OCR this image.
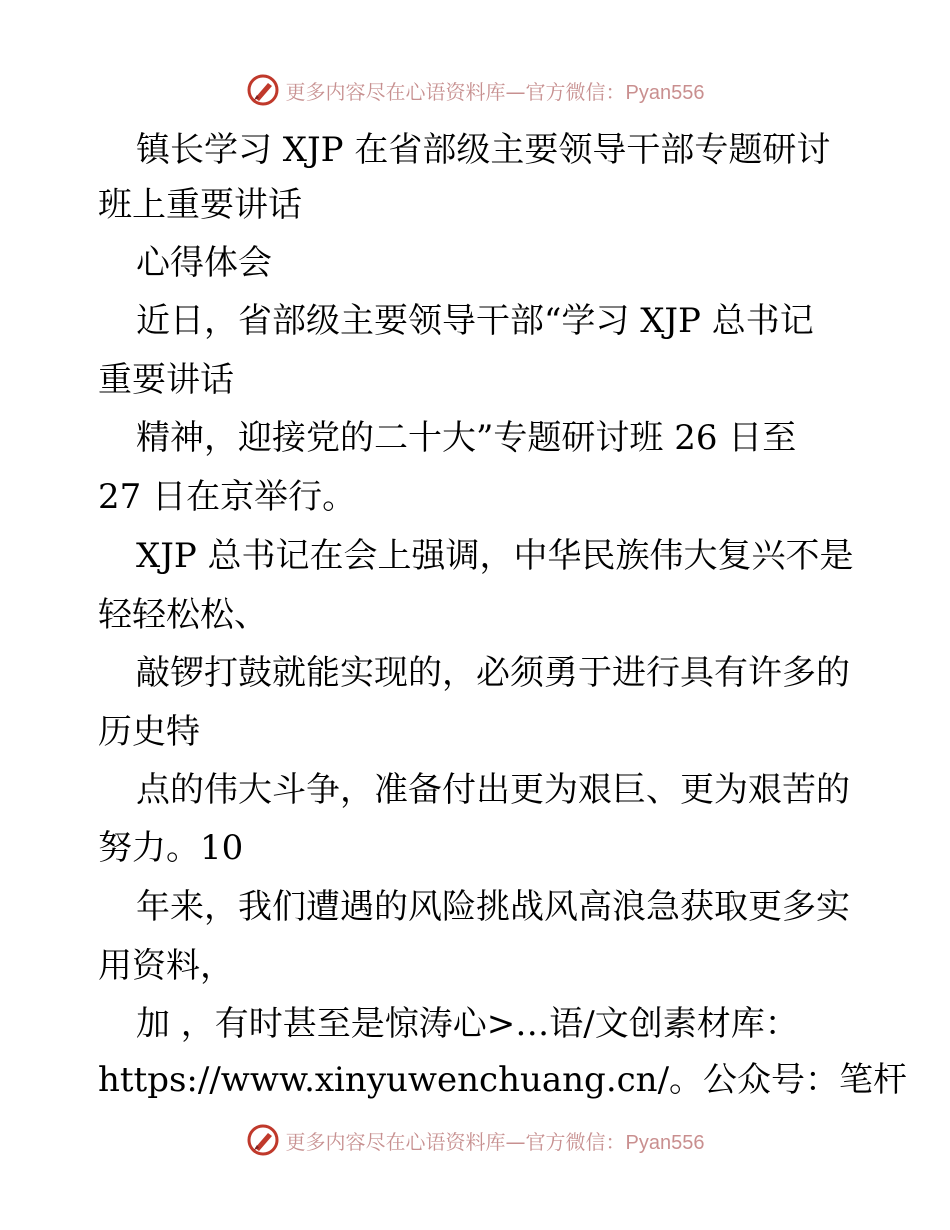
更多内容尽在心语资料库—官方微信：Pyan556
镇长学习 XJP 在省部级主要领导干部专题研讨
班上重要讲话
心得体会
近日，省部级主要领导干部“学习 XJP 总书记
重要讲话
精神，迎接党的二十大”专题研讨班 26 日至
27 日在京举行。
XJP 总书记在会上强调，中华民族伟大复兴不是
轻轻松松、
敲锣打鼓就能实现的，必须勇于进行具有许多的
历史特
点的伟大斗争，准备付出更为艰巨、更为艰苦的
努力。10
年来，我们遭遇的风险挑战风高浪急获取更多实
用资料，
加 ，有时甚至是惊涛心>…语/文创素材库：
https://www.xinyuwenchuang.cn/。公众号：笔杆
更多内容尽在心语资料库—官方微信：Pyan556
